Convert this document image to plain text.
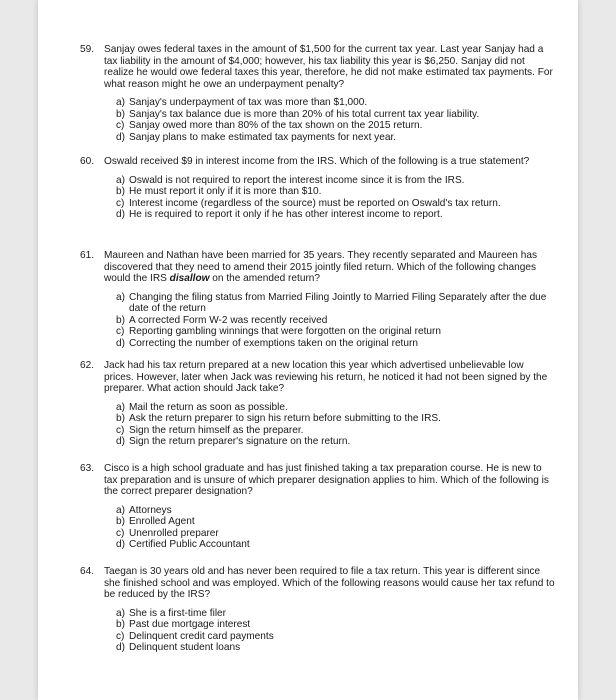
59. Sanjay owes federal taxes in the amount of $1,500 for the current tax year. Last year Sanjay had a tax liability in the amount of $4,000; however, his tax liability this year is $6,250. Sanjay did not realize he would owe federal taxes this year, therefore, he did not make estimated tax payments. For what reason might he owe an underpayment penalty?
a) Sanjay's underpayment of tax was more than $1,000.
b) Sanjay's tax balance due is more than 20% of his total current tax year liability.
c) Sanjay owed more than 80% of the tax shown on the 2015 return.
d) Sanjay plans to make estimated tax payments for next year.
60. Oswald received $9 in interest income from the IRS. Which of the following is a true statement?
a) Oswald is not required to report the interest income since it is from the IRS.
b) He must report it only if it is more than $10.
c) Interest income (regardless of the source) must be reported on Oswald's tax return.
d) He is required to report it only if he has other interest income to report.
61. Maureen and Nathan have been married for 35 years. They recently separated and Maureen has discovered that they need to amend their 2015 jointly filed return. Which of the following changes would the IRS disallow on the amended return?
a) Changing the filing status from Married Filing Jointly to Married Filing Separately after the due date of the return
b) A corrected Form W-2 was recently received
c) Reporting gambling winnings that were forgotten on the original return
d) Correcting the number of exemptions taken on the original return
62. Jack had his tax return prepared at a new location this year which advertised unbelievable low prices. However, later when Jack was reviewing his return, he noticed it had not been signed by the preparer. What action should Jack take?
a) Mail the return as soon as possible.
b) Ask the return preparer to sign his return before submitting to the IRS.
c) Sign the return himself as the preparer.
d) Sign the return preparer's signature on the return.
63. Cisco is a high school graduate and has just finished taking a tax preparation course. He is new to tax preparation and is unsure of which preparer designation applies to him. Which of the following is the correct preparer designation?
a) Attorneys
b) Enrolled Agent
c) Unenrolled preparer
d) Certified Public Accountant
64. Taegan is 30 years old and has never been required to file a tax return. This year is different since she finished school and was employed. Which of the following reasons would cause her tax refund to be reduced by the IRS?
a) She is a first-time filer
b) Past due mortgage interest
c) Delinquent credit card payments
d) Delinquent student loans
